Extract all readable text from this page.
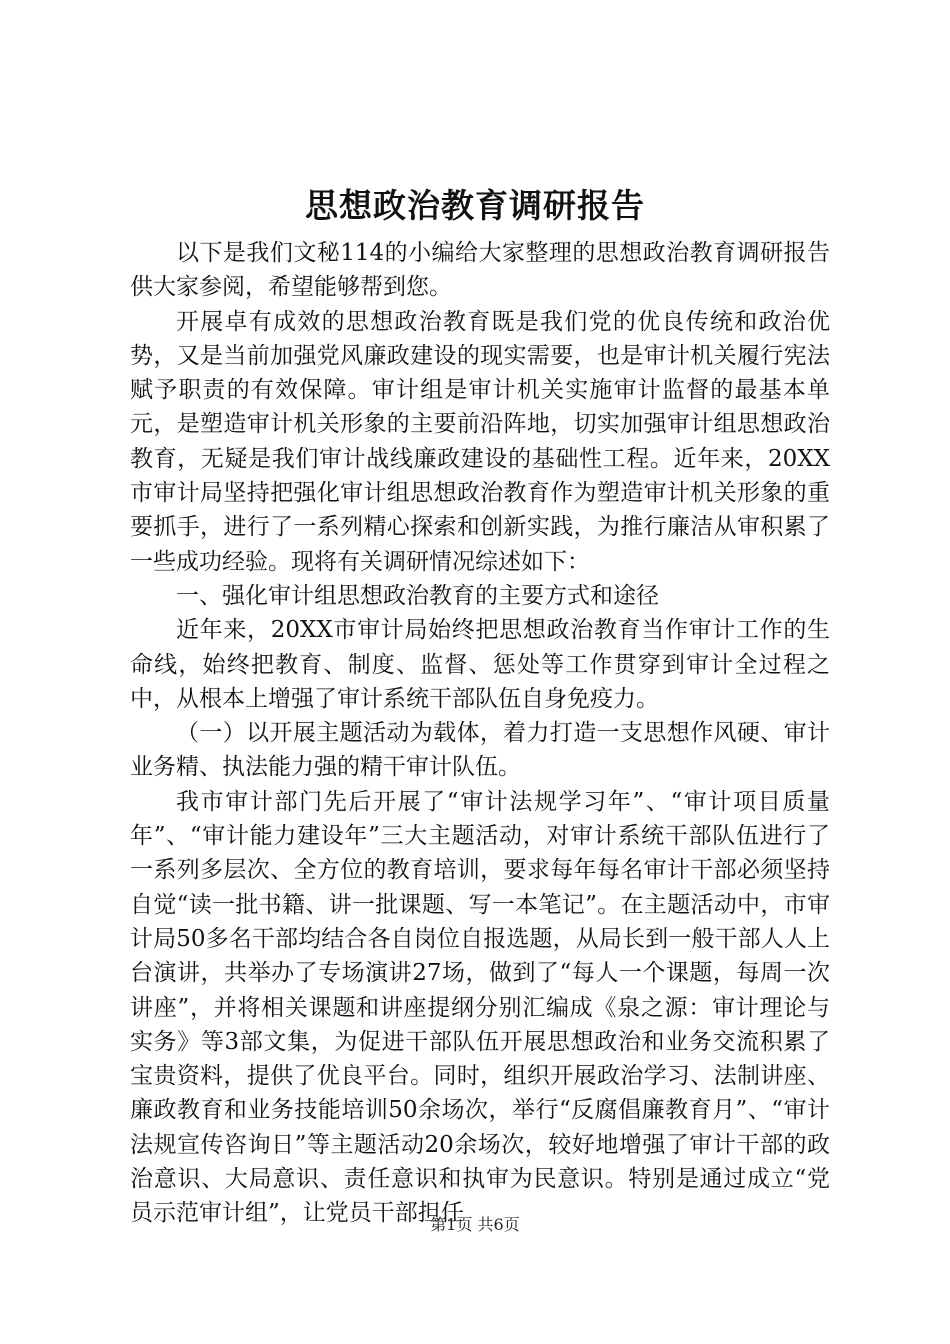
思想政治教育调研报告

以下是我们文秘114的小编给大家整理的思想政治教育调研报告供大家参阅，希望能够帮到您。

开展卓有成效的思想政治教育既是我们党的优良传统和政治优势，又是当前加强党风廉政建设的现实需要，也是审计机关履行宪法赋予职责的有效保障。审计组是审计机关实施审计监督的最基本单元，是塑造审计机关形象的主要前沿阵地，切实加强审计组思想政治教育，无疑是我们审计战线廉政建设的基础性工程。近年来，20XX市审计局坚持把强化审计组思想政治教育作为塑造审计机关形象的重要抓手，进行了一系列精心探索和创新实践，为推行廉洁从审积累了一些成功经验。现将有关调研情况综述如下：

一、强化审计组思想政治教育的主要方式和途径

近年来，20XX市审计局始终把思想政治教育当作审计工作的生命线，始终把教育、制度、监督、惩处等工作贯穿到审计全过程之中，从根本上增强了审计系统干部队伍自身免疫力。

（一）以开展主题活动为载体，着力打造一支思想作风硬、审计业务精、执法能力强的精干审计队伍。

我市审计部门先后开展了“审计法规学习年”、“审计项目质量年”、“审计能力建设年”三大主题活动，对审计系统干部队伍进行了一系列多层次、全方位的教育培训，要求每年每名审计干部必须坚持自觉“读一批书籍、讲一批课题、写一本笔记”。在主题活动中，市审计局50多名干部均结合各自岗位自报选题，从局长到一般干部人人上台演讲，共举办了专场演讲27场，做到了“每人一个课题，每周一次讲座”，并将相关课题和讲座提纲分别汇编成《泉之源：审计理论与实务》等3部文集，为促进干部队伍开展思想政治和业务交流积累了宝贵资料，提供了优良平台。同时，组织开展政治学习、法制讲座、廉政教育和业务技能培训50余场次，举行“反腐倡廉教育月”、“审计法规宣传咨询日”等主题活动20余场次，较好地增强了审计干部的政治意识、大局意识、责任意识和执审为民意识。特别是通过成立“党员示范审计组”，让党员干部担任

第1页 共6页
